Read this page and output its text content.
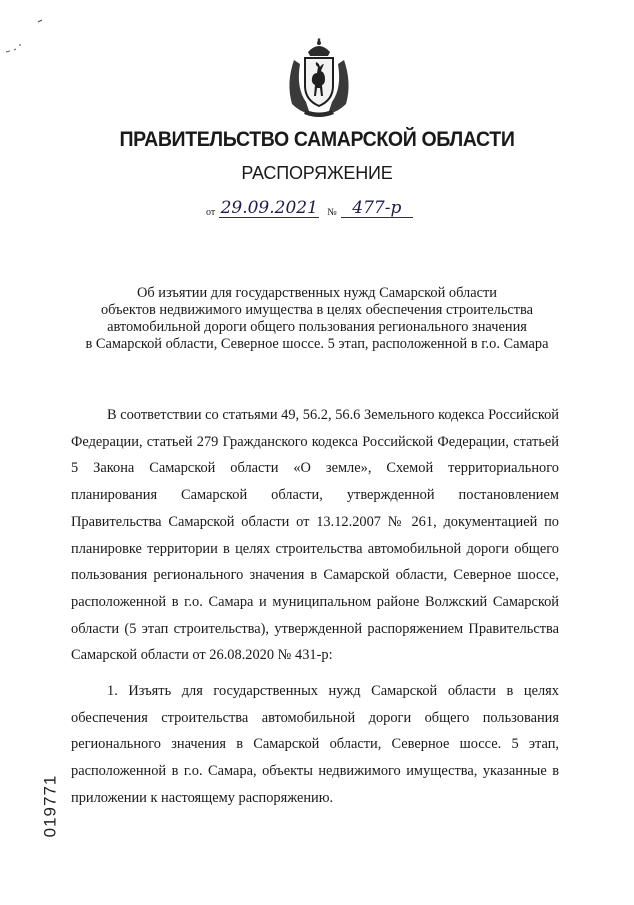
ПРАВИТЕЛЬСТВО САМАРСКОЙ ОБЛАСТИ
РАСПОРЯЖЕНИЕ
от 29.09.2021 № 477-р
Об изъятии для государственных нужд Самарской области
объектов недвижимого имущества в целях обеспечения строительства
автомобильной дороги общего пользования регионального значения
в Самарской области, Северное шоссе. 5 этап, расположенной в г.о. Самара

В соответствии со статьями 49, 56.2, 56.6 Земельного кодекса Российской Федерации, статьей 279 Гражданского кодекса Российской Федерации, статьей 5 Закона Самарской области «О земле», Схемой территориального планирования Самарской области, утвержденной постановлением Правительства Самарской области от 13.12.2007 № 261, документацией по планировке территории в целях строительства автомобильной дороги общего пользования регионального значения в Самарской области, Северное шоссе, расположенной в г.о. Самара и муниципальном районе Волжский Самарской области (5 этап строительства), утвержденной распоряжением Правительства Самарской области от 26.08.2020 № 431-р:

1. Изъять для государственных нужд Самарской области в целях обеспечения строительства автомобильной дороги общего пользования регионального значения в Самарской области, Северное шоссе. 5 этап, расположенной в г.о. Самара, объекты недвижимого имущества, указанные в приложении к настоящему распоряжению.

019771
